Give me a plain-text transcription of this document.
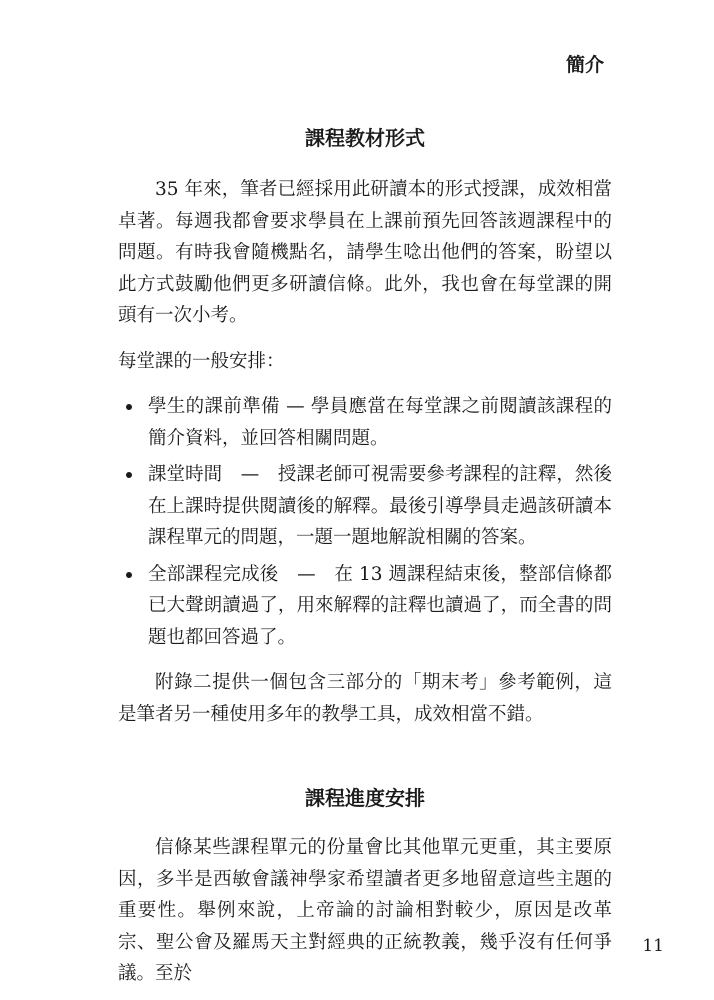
簡介
課程教材形式

35 年來，筆者已經採用此研讀本的形式授課，成效相當卓著。每週我都會要求學員在上課前預先回答該週課程中的問題。有時我會隨機點名，請學生唸出他們的答案，盼望以此方式鼓勵他們更多研讀信條。此外，我也會在每堂課的開頭有一次小考。

每堂課的一般安排：

學生的課前準備 — 學員應當在每堂課之前閱讀該課程的簡介資料，並回答相關問題。
課堂時間　—　授課老師可視需要參考課程的註釋，然後在上課時提供閱讀後的解釋。最後引導學員走過該研讀本課程單元的問題，一題一題地解說相關的答案。
全部課程完成後　—　在 13 週課程結束後，整部信條都已大聲朗讀過了，用來解釋的註釋也讀過了，而全書的問題也都回答過了。

附錄二提供一個包含三部分的「期末考」參考範例，這是筆者另一種使用多年的教學工具，成效相當不錯。

課程進度安排

信條某些課程單元的份量會比其他單元更重，其主要原因，多半是西敏會議神學家希望讀者更多地留意這些主題的重要性。舉例來說，上帝論的討論相對較少，原因是改革宗、聖公會及羅馬天主對經典的正統教義，幾乎沒有任何爭議。至於

11
